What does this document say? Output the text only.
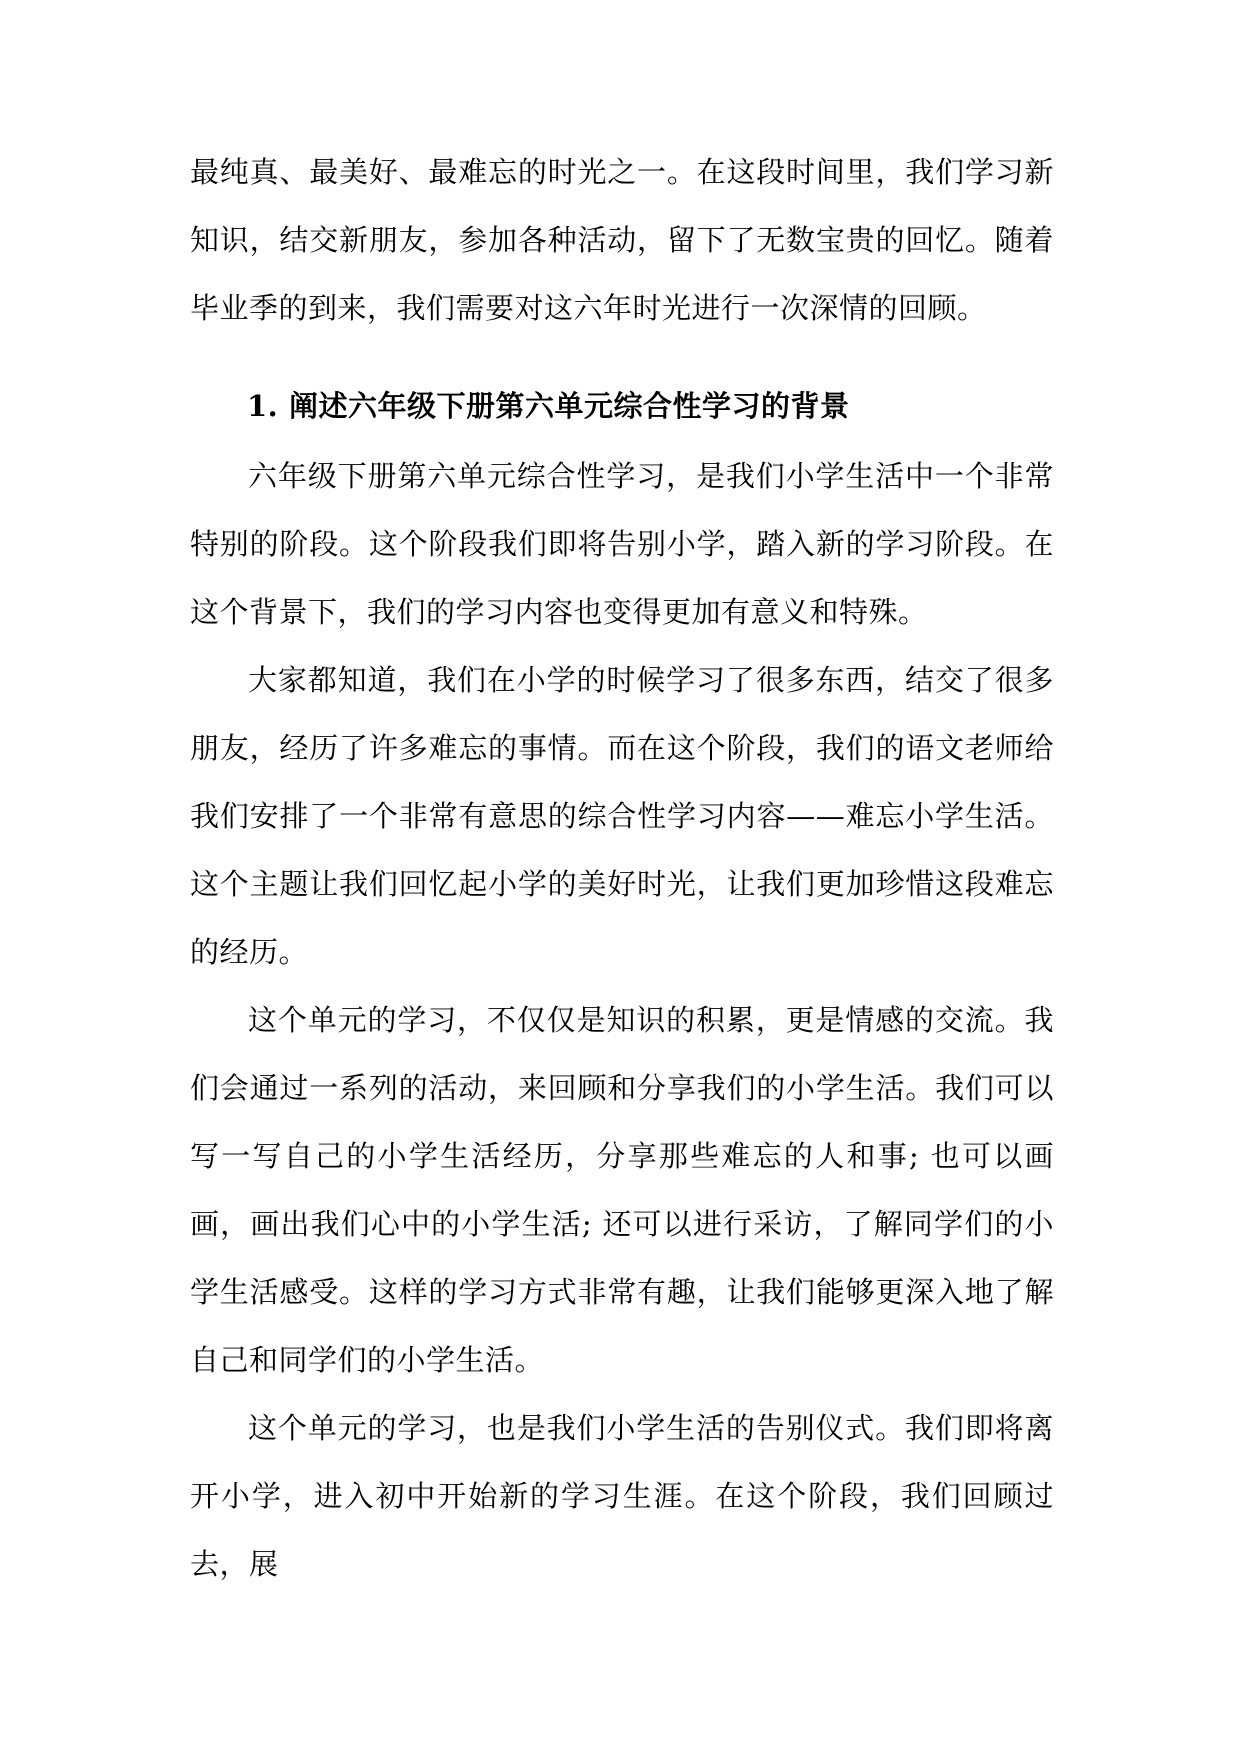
最纯真、最美好、最难忘的时光之一。在这段时间里，我们学习新知识，结交新朋友，参加各种活动，留下了无数宝贵的回忆。随着毕业季的到来，我们需要对这六年时光进行一次深情的回顾。

1. 阐述六年级下册第六单元综合性学习的背景

六年级下册第六单元综合性学习，是我们小学生活中一个非常特别的阶段。这个阶段我们即将告别小学，踏入新的学习阶段。在这个背景下，我们的学习内容也变得更加有意义和特殊。

大家都知道，我们在小学的时候学习了很多东西，结交了很多朋友，经历了许多难忘的事情。而在这个阶段，我们的语文老师给我们安排了一个非常有意思的综合性学习内容——难忘小学生活。这个主题让我们回忆起小学的美好时光，让我们更加珍惜这段难忘的经历。

这个单元的学习，不仅仅是知识的积累，更是情感的交流。我们会通过一系列的活动，来回顾和分享我们的小学生活。我们可以写一写自己的小学生活经历，分享那些难忘的人和事; 也可以画画，画出我们心中的小学生活; 还可以进行采访，了解同学们的小学生活感受。这样的学习方式非常有趣，让我们能够更深入地了解自己和同学们的小学生活。

这个单元的学习，也是我们小学生活的告别仪式。我们即将离开小学，进入初中开始新的学习生涯。在这个阶段，我们回顾过去，展
